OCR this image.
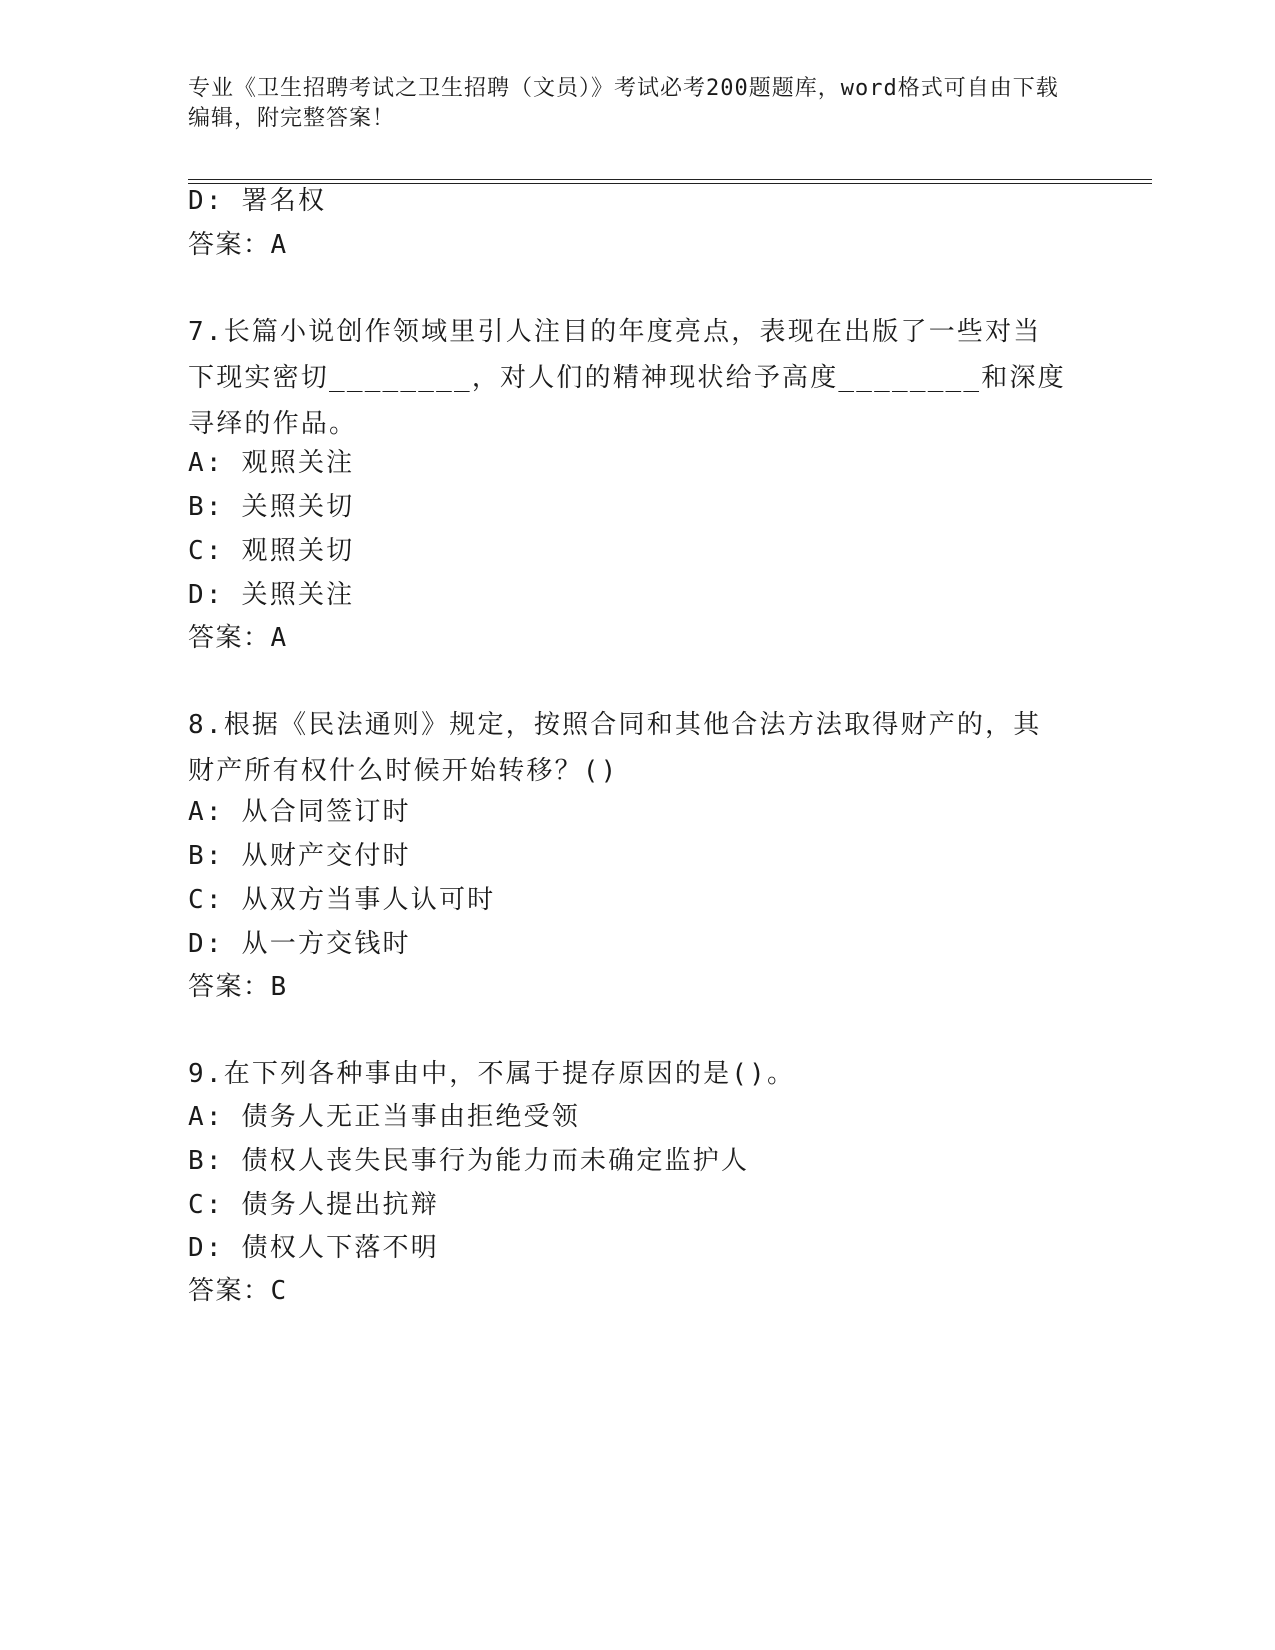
专业《卫生招聘考试之卫生招聘（文员）》考试必考200题题库，word格式可自由下载编辑，附完整答案！
D: 署名权
答案：A
7.长篇小说创作领域里引人注目的年度亮点，表现在出版了一些对当下现实密切________，对人们的精神现状给予高度________和深度寻绎的作品。
A: 观照关注
B: 关照关切
C: 观照关切
D: 关照关注
答案：A
8.根据《民法通则》规定，按照合同和其他合法方法取得财产的，其财产所有权什么时候开始转移？()
A: 从合同签订时
B: 从财产交付时
C: 从双方当事人认可时
D: 从一方交钱时
答案：B
9.在下列各种事由中，不属于提存原因的是()。
A: 债务人无正当事由拒绝受领
B: 债权人丧失民事行为能力而未确定监护人
C: 债务人提出抗辩
D: 债权人下落不明
答案：C
